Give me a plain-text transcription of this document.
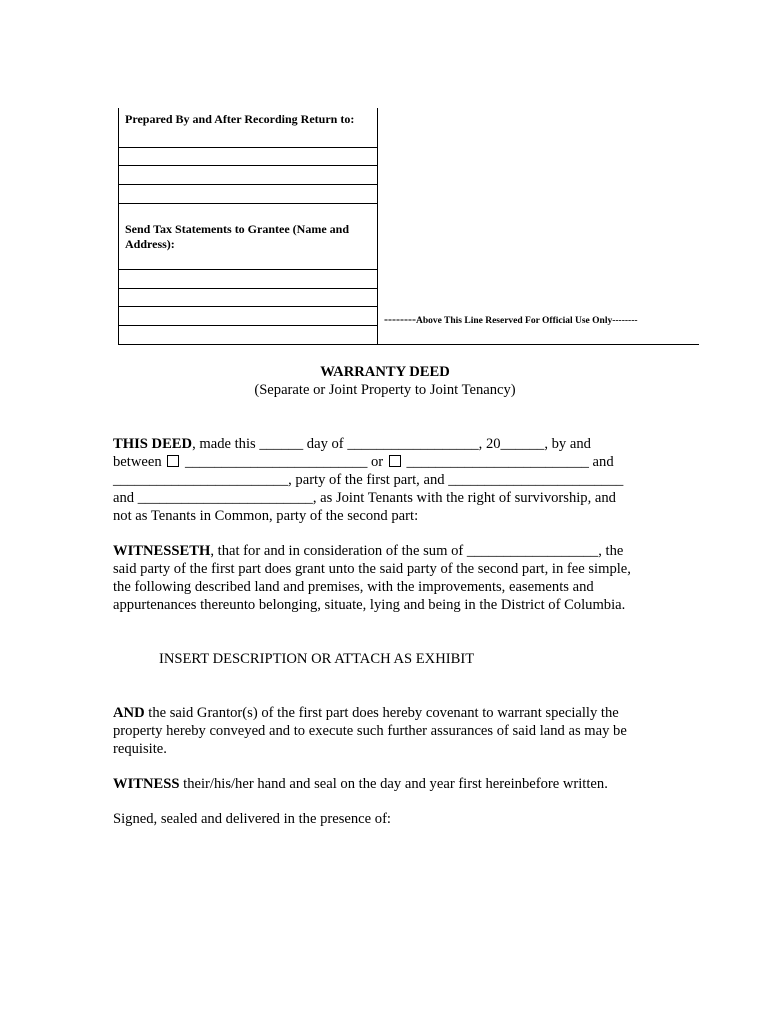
Prepared By and After Recording Return to:
Send Tax Statements to Grantee (Name and Address):
--------Above This Line Reserved For Official Use Only--------
WARRANTY DEED
(Separate or Joint Property to Joint Tenancy)
THIS DEED, made this ______ day of __________________, 20______, by and
between _________________________ or _________________________ and
________________________, party of the first part, and ________________________
and ________________________, as Joint Tenants with the right of survivorship, and
not as Tenants in Common, party of the second part:
WITNESSETH, that for and in consideration of the sum of __________________, the
said party of the first part does grant unto the said party of the second part, in fee simple,
the following described land and premises, with the improvements, easements and
appurtenances thereunto belonging, situate, lying and being in the District of Columbia.
INSERT DESCRIPTION OR ATTACH AS EXHIBIT
AND the said Grantor(s) of the first part does hereby covenant to warrant specially the
property hereby conveyed and to execute such further assurances of said land as may be
requisite.
WITNESS their/his/her hand and seal on the day and year first hereinbefore written.
Signed, sealed and delivered in the presence of:
